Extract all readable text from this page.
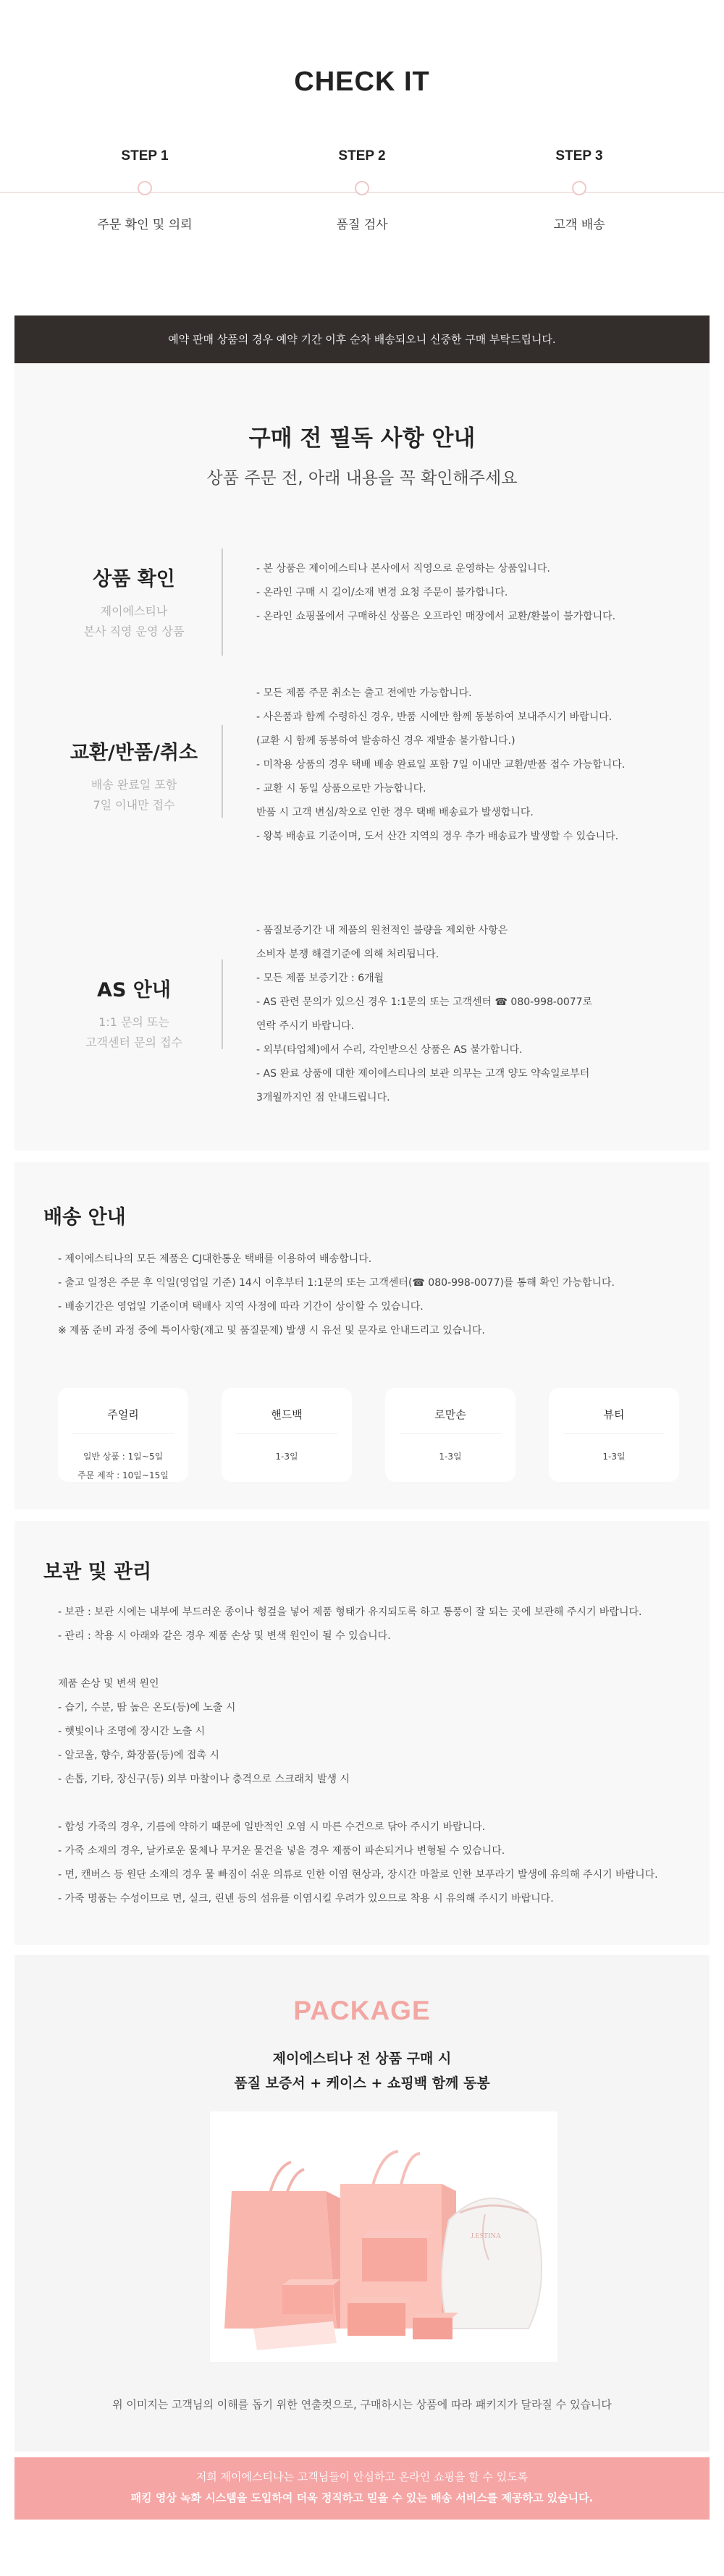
CHECK IT
STEP 1
주문 확인 및 의뢰
STEP 2
품질 검사
STEP 3
고객 배송
예약 판매 상품의 경우 예약 기간 이후 순차 배송되오니 신중한 구매 부탁드립니다.
구매 전 필독 사항 안내
상품 주문 전, 아래 내용을 꼭 확인해주세요
상품 확인
제이에스티나
본사 직영 운영 상품
- 본 상품은 제이에스티나 본사에서 직영으로 운영하는 상품입니다.
- 온라인 구매 시 길이/소재 변경 요청 주문이 불가합니다.
- 온라인 쇼핑몰에서 구매하신 상품은 오프라인 매장에서 교환/환불이 불가합니다.
교환/반품/취소
배송 완료일 포함
7일 이내만 접수
- 모든 제품 주문 취소는 출고 전에만 가능합니다.
- 사은품과 함께 수령하신 경우, 반품 시에만 함께 동봉하여 보내주시기 바랍니다.
(교환 시 함께 동봉하여 발송하신 경우 재발송 불가합니다.)
- 미착용 상품의 경우 택배 배송 완료일 포함 7일 이내만 교환/반품 접수 가능합니다.
- 교환 시 동일 상품으로만 가능합니다.
반품 시 고객 변심/착오로 인한 경우 택배 배송료가 발생합니다.
- 왕복 배송료 기준이며, 도서 산간 지역의 경우 추가 배송료가 발생할 수 있습니다.
AS 안내
1:1 문의 또는
고객센터 문의 접수
- 품질보증기간 내 제품의 원천적인 불량을 제외한 사항은
소비자 분쟁 해결기준에 의해 처리됩니다.
- 모든 제품 보증기간 : 6개월
- AS 관련 문의가 있으신 경우 1:1문의 또는 고객센터 ☎ 080-998-0077로
연락 주시기 바랍니다.
- 외부(타업체)에서 수리, 각인받으신 상품은 AS 불가합니다.
- AS 완료 상품에 대한 제이에스티나의 보관 의무는 고객 양도 약속일로부터
3개월까지인 점 안내드립니다.
배송 안내
- 제이에스티나의 모든 제품은 CJ대한통운 택배를 이용하여 배송합니다.
- 출고 일정은 주문 후 익일(영업일 기준) 14시 이후부터 1:1문의 또는 고객센터(☎ 080-998-0077)를 통해 확인 가능합니다.
- 배송기간은 영업일 기준이며 택배사 지역 사정에 따라 기간이 상이할 수 있습니다.
※ 제품 준비 과정 중에 특이사항(재고 및 품질문제) 발생 시 유선 및 문자로 안내드리고 있습니다.
주얼리
일반 상품 : 1일~5일
주문 제작 : 10일~15일
핸드백
1-3일
로만손
1-3일
뷰티
1-3일
보관 및 관리
- 보관 : 보관 시에는 내부에 부드러운 종이나 헝겊을 넣어 제품 형태가 유지되도록 하고 통풍이 잘 되는 곳에 보관해 주시기 바랍니다.
- 관리 : 착용 시 아래와 같은 경우 제품 손상 및 변색 원인이 될 수 있습니다.
제품 손상 및 변색 원인
- 습기, 수분, 땀 높은 온도(등)에 노출 시
- 햇빛이나 조명에 장시간 노출 시
- 알코올, 향수, 화장품(등)에 접촉 시
- 손톱, 기타, 장신구(등) 외부 마찰이나 충격으로 스크래치 발생 시
- 합성 가죽의 경우, 기름에 약하기 때문에 일반적인 오염 시 마른 수건으로 닦아 주시기 바랍니다.
- 가죽 소재의 경우, 날카로운 물체나 무거운 물건을 넣을 경우 제품이 파손되거나 변형될 수 있습니다.
- 면, 캔버스 등 원단 소재의 경우 물 빠짐이 쉬운 의류로 인한 이염 현상과, 장시간 마찰로 인한 보푸라기 발생에 유의해 주시기 바랍니다.
- 가죽 명품는 수성이므로 면, 실크, 린넨 등의 섬유를 이염시킬 우려가 있으므로 착용 시 유의해 주시기 바랍니다.
PACKAGE
제이에스티나 전 상품 구매 시
품질 보증서 + 케이스 + 쇼핑백 함께 동봉
J.ESTINA
위 이미지는 고객님의 이해를 돕기 위한 연출컷으로, 구매하시는 상품에 따라 패키지가 달라질 수 있습니다
저희 제이에스티나는 고객님들이 안심하고 온라인 쇼핑을 할 수 있도록
패킹 영상 녹화 시스템을 도입하여 더욱 정직하고 믿을 수 있는 배송 서비스를 제공하고 있습니다.
